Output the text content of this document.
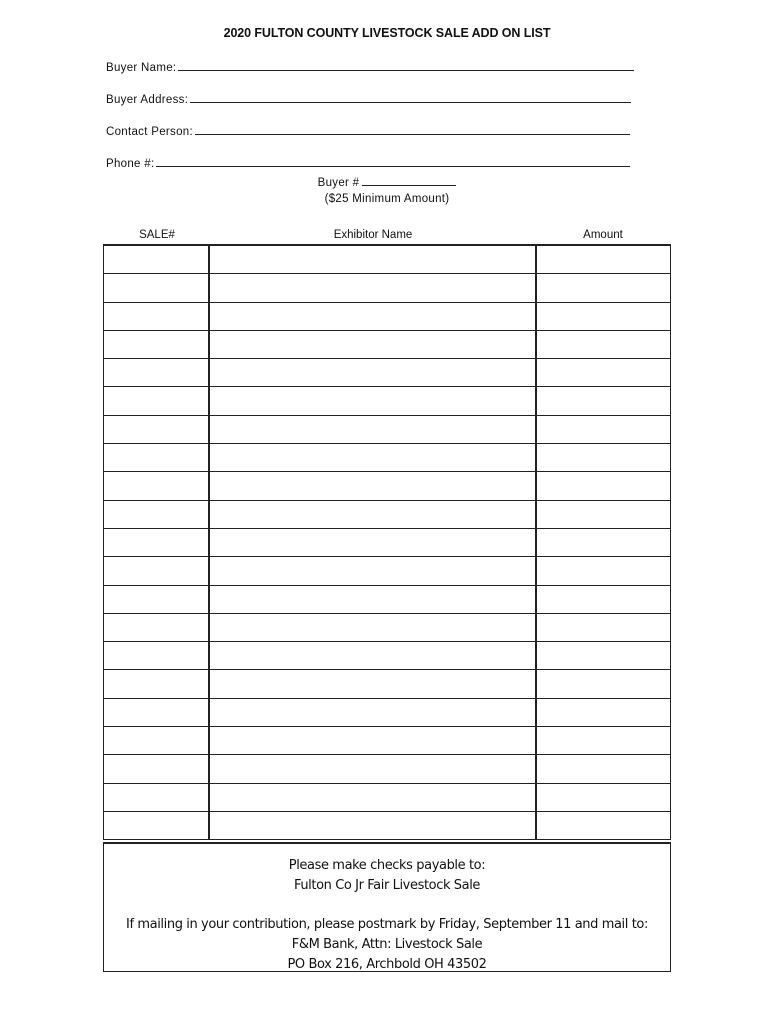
2020 FULTON COUNTY LIVESTOCK SALE ADD ON LIST
Buyer Name:
Buyer Address:
Contact Person:
Phone #:
Buyer #
($25 Minimum Amount)
SALE#	Exhibitor Name	Amount

Please make checks payable to:

Fulton Co Jr Fair Livestock Sale

If mailing in your contribution, please postmark by Friday, September 11 and mail to:

F&M Bank, Attn: Livestock Sale

PO Box 216, Archbold OH 43502
